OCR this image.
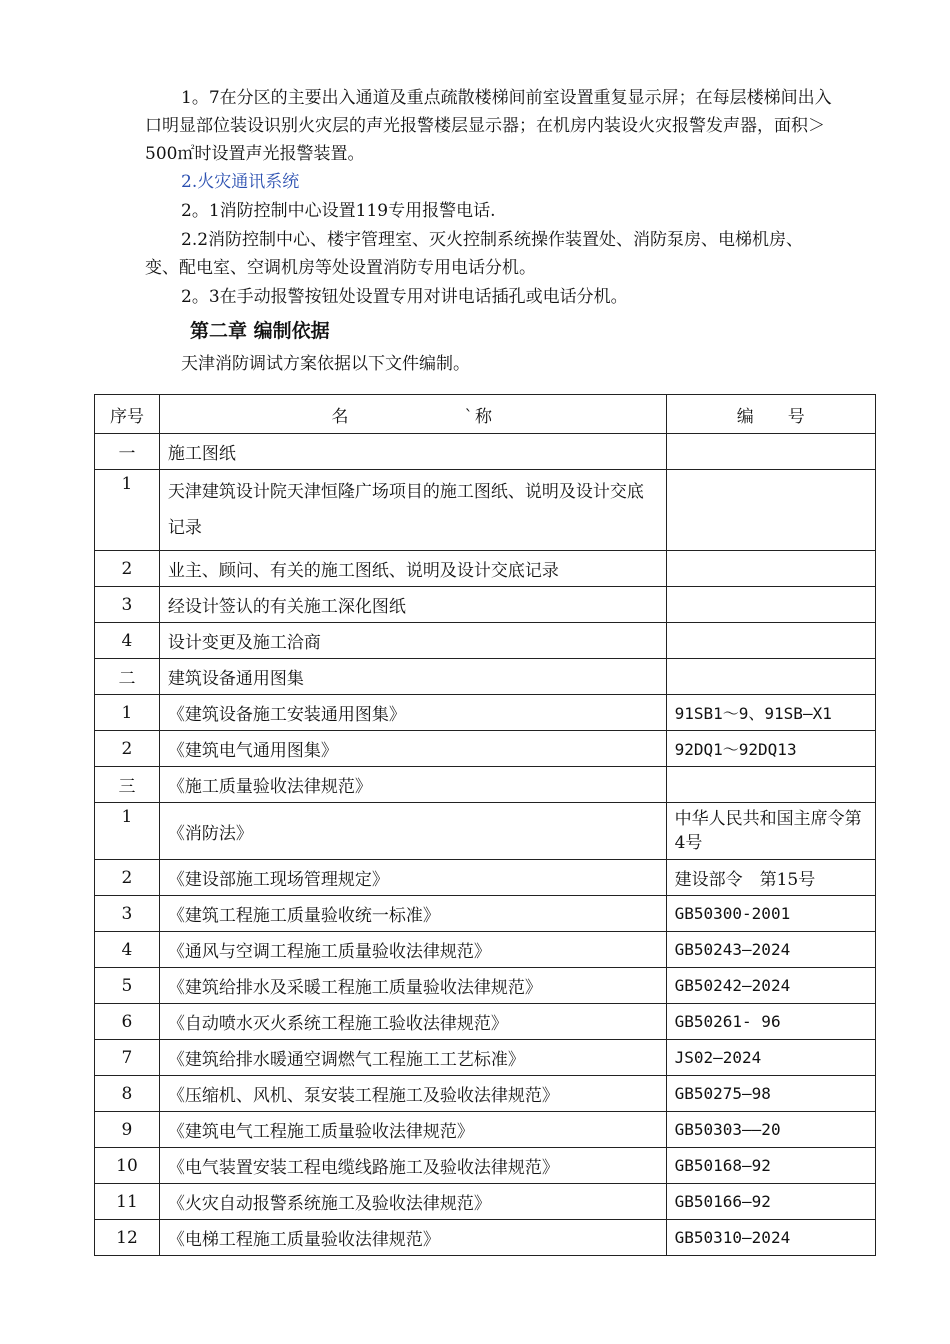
1。7在分区的主要出入通道及重点疏散楼梯间前室设置重复显示屏；在每层楼梯间出入口明显部位装设识别火灾层的声光报警楼层显示器；在机房内装设火灾报警发声器，面积＞500㎡时设置声光报警装置。

2.火灾通讯系统

2。1消防控制中心设置119专用报警电话.

2.2消防控制中心、楼宇管理室、灭火控制系统操作装置处、消防泵房、电梯机房、变、配电室、空调机房等处设置消防专用电话分机。

2。3在手动报警按钮处设置专用对讲电话插孔或电话分机。

第二章 编制依据

天津消防调试方案依据以下文件编制。

序号	名　　　　　　`称	编　　号
一	施工图纸	
1	天津建筑设计院天津恒隆广场项目的施工图纸、说明及设计交底记录	
2	业主、顾问、有关的施工图纸、说明及设计交底记录	
3	经设计签认的有关施工深化图纸	
4	设计变更及施工洽商	
二	建筑设备通用图集	
1	《建筑设备施工安装通用图集》	91SB1～9、91SB—X1
2	《建筑电气通用图集》	92DQ1～92DQ13
三	《施工质量验收法律规范》	
1	《消防法》	中华人民共和国主席令第4号
2	《建设部施工现场管理规定》	建设部令　第15号
3	《建筑工程施工质量验收统一标准》	GB50300-2001
4	《通风与空调工程施工质量验收法律规范》	GB50243—2024
5	《建筑给排水及采暖工程施工质量验收法律规范》	GB50242—2024
6	《自动喷水灭火系统工程施工验收法律规范》	GB50261- 96
7	《建筑给排水暖通空调燃气工程施工工艺标准》	JS02—2024
8	《压缩机、风机、泵安装工程施工及验收法律规范》	GB50275—98
9	《建筑电气工程施工质量验收法律规范》	GB50303——20
10	《电气装置安装工程电缆线路施工及验收法律规范》	GB50168—92
11	《火灾自动报警系统施工及验收法律规范》	GB50166—92
12	《电梯工程施工质量验收法律规范》	GB50310—2024
